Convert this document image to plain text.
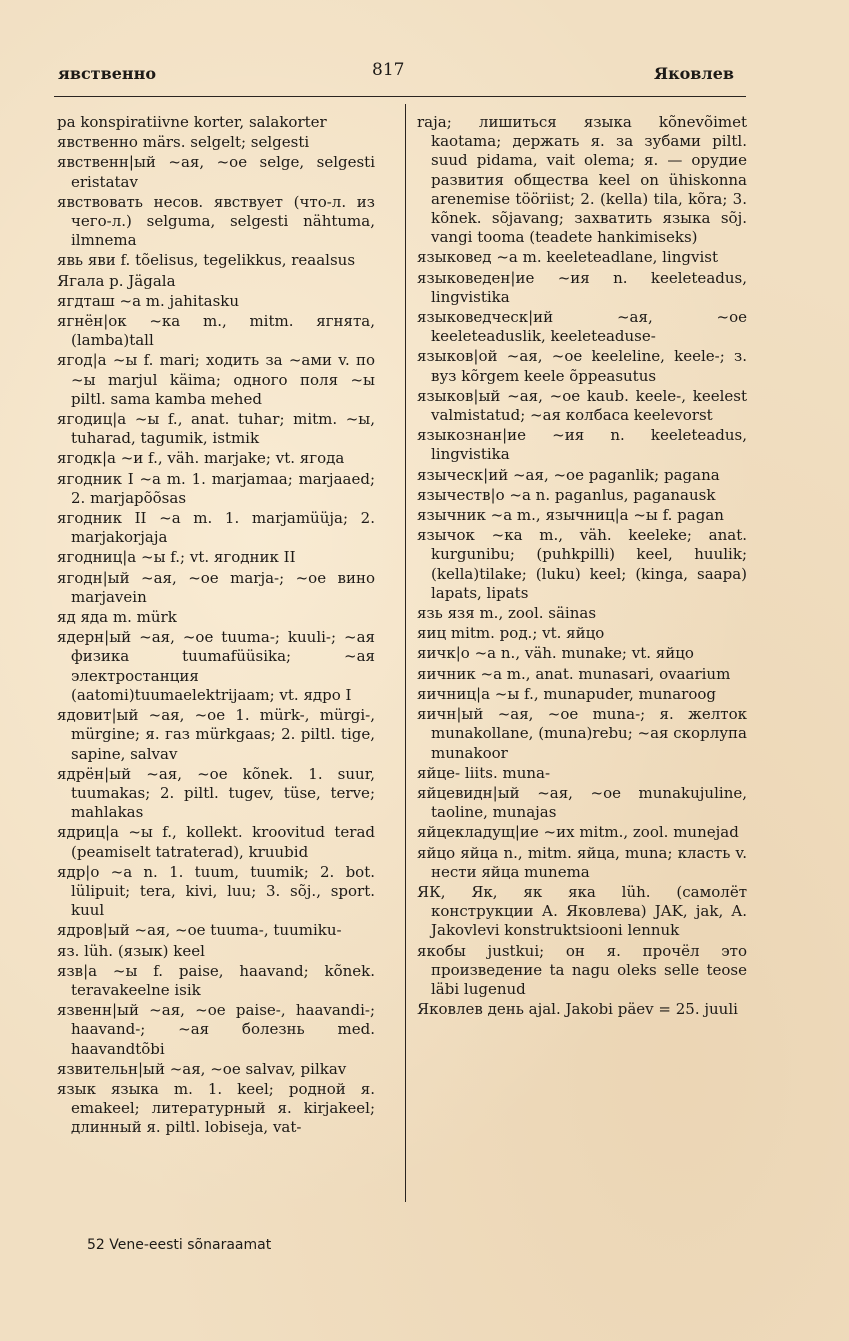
явственно	817	Яковлев
pa konspiratiivne korter, salakorter
явственно märs. selgelt; selgesti
явственн|ый ~ая, ~ое selge, selgesti eristatav
явствовать несов. явствует (что-л. из чего-л.) selguma, selgesti nähtuma, ilmnema
явь яви f. tõelisus, tegelikkus, reaalsus
Ягала p. Jägala
ягдташ ~а m. jahitasku
ягнён|ок ~ка m., mitm. ягнята, (lamba)tall
ягод|а ~ы f. mari; ходить за ~ами v. по ~ы marjul käima; одного поля ~ы piltl. sama kamba mehed
ягодиц|а ~ы f., anat. tuhar; mitm. ~ы, tuharad, tagumik, istmik
ягодк|а ~и f., väh. marjake; vt. ягода
ягодник I ~а m. 1. marjamaa; marjaaed; 2. marjapõõsas
ягодник II ~а m. 1. marjamüüja; 2. marjakorjaja
ягодниц|а ~ы f.; vt. ягодник II
ягодн|ый ~ая, ~ое marja-; ~ое вино marjavein
яд яда m. mürk
ядерн|ый ~ая, ~ое tuuma-; kuuli-; ~ая физика tuumafüüsika; ~ая электростанция (aatomi)tuumaelektrijaam; vt. ядро I
ядовит|ый ~ая, ~ое 1. mürk-, mürgi-, mürgine; я. газ mürkgaas; 2. piltl. tige, sapine, salvav
ядрён|ый ~ая, ~ое kõnek. 1. suur, tuumakas; 2. piltl. tugev, tüse, terve; mahlakas
ядриц|а ~ы f., kollekt. kroovitud terad (peamiselt tatraterad), kruubid
ядр|о ~а n. 1. tuum, tuumik; 2. bot. lülipuit; tera, kivi, luu; 3. sõj., sport. kuul
ядров|ый ~ая, ~ое tuuma-, tuumiku-
яз. lüh. (язык) keel
язв|а ~ы f. paise, haavand; kõnek. teravakeelne isik
язвенн|ый ~ая, ~ое paise-, haavandi-; haavand-; ~ая болезнь med. haavandtõbi
язвительн|ый ~ая, ~ое salvav, pilkav
язык языка m. 1. keel; родной я. emakeel; литературный я. kirjakeel; длинный я. piltl. lobiseja, vat-
raja; лишиться языка kõnevõimet kaotama; держать я. за зубами piltl. suud pidama, vait olema; я. — орудие развития общества keel on ühiskonna arenemise tööriist; 2. (kella) tila, kõra; 3. kõnek. sõjavang; захватить языка sõj. vangi tooma (teadete hankimiseks)
языковед ~а m. keeleteadlane, lingvist
языковеден|ие ~ия n. keeleteadus, lingvistika
языковедческ|ий ~ая, ~ое keeleteaduslik, keeleteaduse-
языков|ой ~ая, ~ое keeleline, keele-; з. вуз kõrgem keele õppeasutus
языков|ый ~ая, ~ое kaub. keele-, keelest valmistatud; ~ая колбаса keelevorst
языкознан|ие ~ия n. keeleteadus, lingvistika
языческ|ий ~ая, ~ое paganlik; pagana
язычеств|о ~а n. paganlus, paganausk
язычник ~а m., язычниц|а ~ы f. pagan
язычок ~ка m., väh. keeleke; anat. kurgunibu; (puhkpilli) keel, huulik; (kella)tilake; (luku) keel; (kinga, saapa) lapats, lipats
язь язя m., zool. säinas
яиц mitm. род.; vt. яйцо
яичк|о ~а n., väh. munake; vt. яйцо
яичник ~а m., anat. munasari, ovaarium
яичниц|а ~ы f., munapuder, munaroog
яичн|ый ~ая, ~ое muna-; я. желток munakollane, (muna)rebu; ~ая скорлупа munakoor
яйце- liits. muna-
яйцевидн|ый ~ая, ~ое munakujuline, taoline, munajas
яйцекладущ|ие ~их mitm., zool. munejad
яйцо яйца n., mitm. яйца, muna; класть v. нести яйца munema
ЯК, Як, як яка lüh. (самолёт конструкции А. Яковлева) JAK, jak, A. Jakovlevi konstruktsiooni lennuk
якобы justkui; он я. прочёл это произведение ta nagu oleks selle teose läbi lugenud
Яковлев день ajal. Jakobi päev = 25. juuli
52 Vene-eesti sõnaraamat
